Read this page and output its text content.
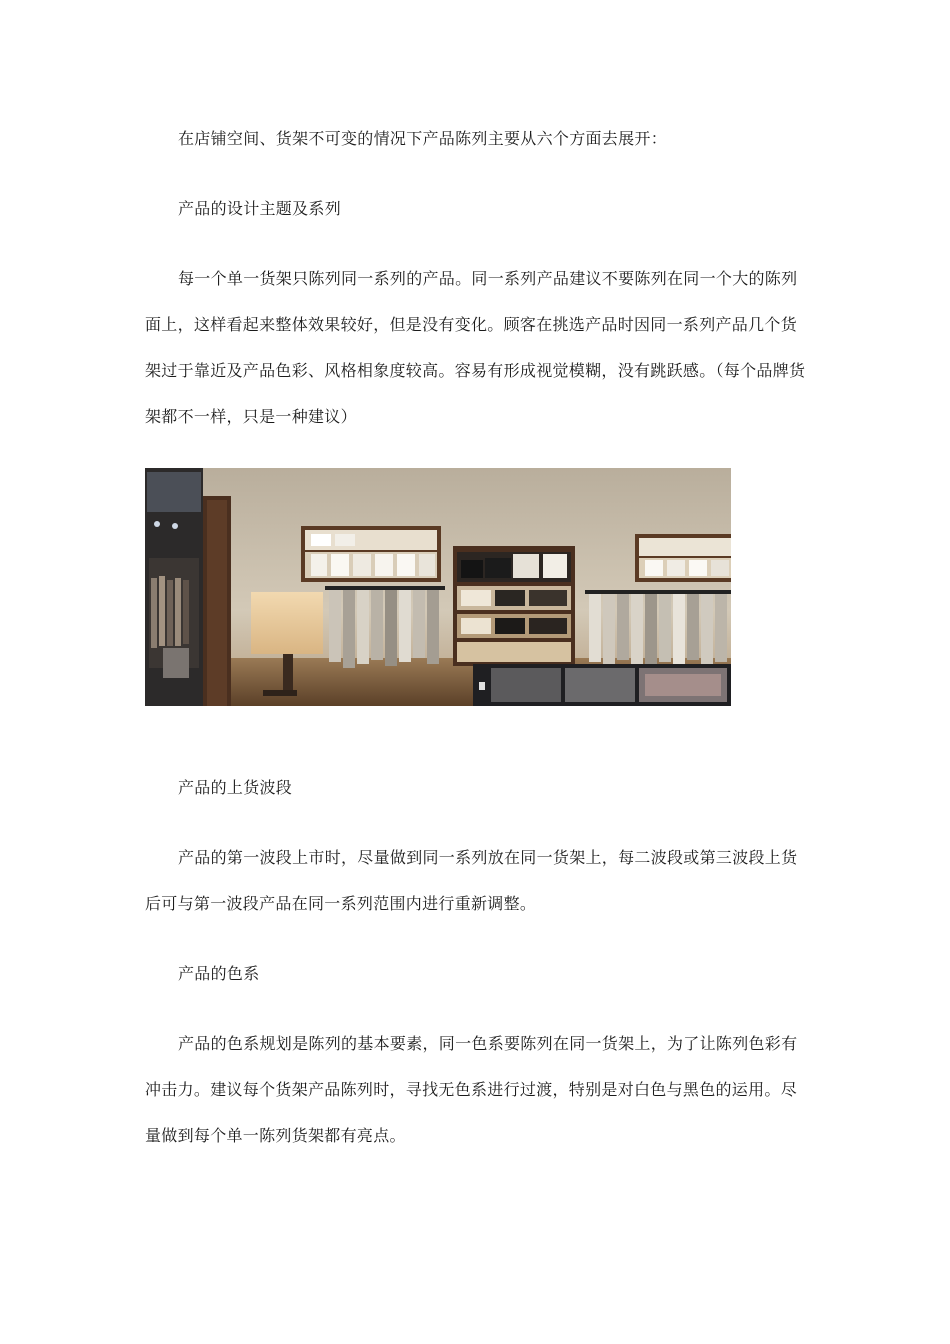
在店铺空间、货架不可变的情况下产品陈列主要从六个方面去展开：

产品的设计主题及系列

每一个单一货架只陈列同一系列的产品。同一系列产品建议不要陈列在同一个大的陈列面上，这样看起来整体效果较好，但是没有变化。顾客在挑选产品时因同一系列产品几个货架过于靠近及产品色彩、风格相象度较高。容易有形成视觉模糊，没有跳跃感。（每个品牌货架都不一样，只是一种建议）

产品的上货波段

产品的第一波段上市时，尽量做到同一系列放在同一货架上，每二波段或第三波段上货后可与第一波段产品在同一系列范围内进行重新调整。

产品的色系

产品的色系规划是陈列的基本要素，同一色系要陈列在同一货架上，为了让陈列色彩有冲击力。建议每个货架产品陈列时，寻找无色系进行过渡，特别是对白色与黑色的运用。尽量做到每个单一陈列货架都有亮点。
